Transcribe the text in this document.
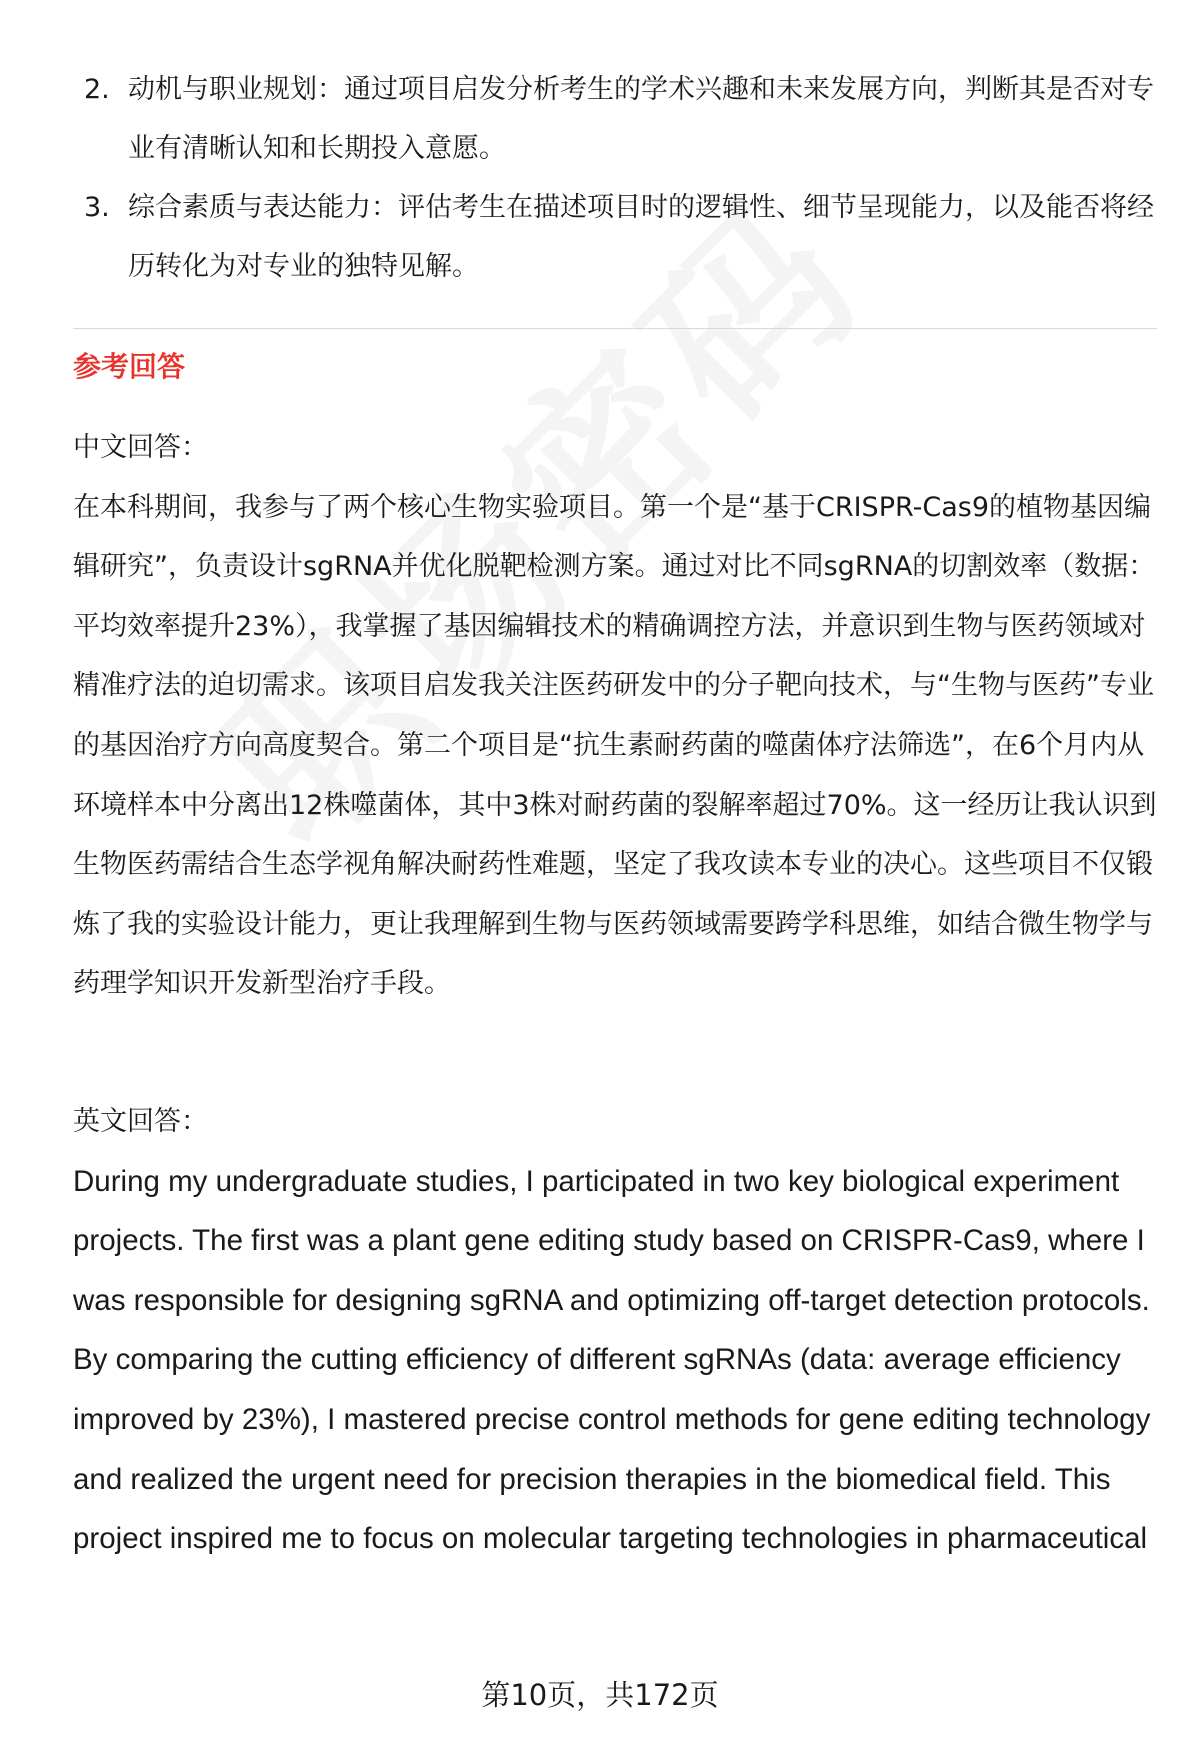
2. 动机与职业规划：通过项目启发分析考生的学术兴趣和未来发展方向，判断其是否对专业有清晰认知和长期投入意愿。
3. 综合素质与表达能力：评估考生在描述项目时的逻辑性、细节呈现能力，以及能否将经历转化为对专业的独特见解。
参考回答
中文回答：
在本科期间，我参与了两个核心生物实验项目。第一个是“基于CRISPR-Cas9的植物基因编辑研究”，负责设计sgRNA并优化脱靶检测方案。通过对比不同sgRNA的切割效率（数据：平均效率提升23%），我掌握了基因编辑技术的精确调控方法，并意识到生物与医药领域对精准疗法的迫切需求。该项目启发我关注医药研发中的分子靶向技术，与“生物与医药”专业的基因治疗方向高度契合。第二个项目是“抗生素耐药菌的噬菌体疗法筛选”，在6个月内从环境样本中分离出12株噬菌体，其中3株对耐药菌的裂解率超过70%。这一经历让我认识到生物医药需结合生态学视角解决耐药性难题，坚定了我攻读本专业的决心。这些项目不仅锻炼了我的实验设计能力，更让我理解到生物与医药领域需要跨学科思维，如结合微生物学与药理学知识开发新型治疗手段。
英文回答：
During my undergraduate studies, I participated in two key biological experiment projects. The first was a plant gene editing study based on CRISPR-Cas9, where I was responsible for designing sgRNA and optimizing off-target detection protocols. By comparing the cutting efficiency of different sgRNAs (data: average efficiency improved by 23%), I mastered precise control methods for gene editing technology and realized the urgent need for precision therapies in the biomedical field. This project inspired me to focus on molecular targeting technologies in pharmaceutical
第10页，共172页
